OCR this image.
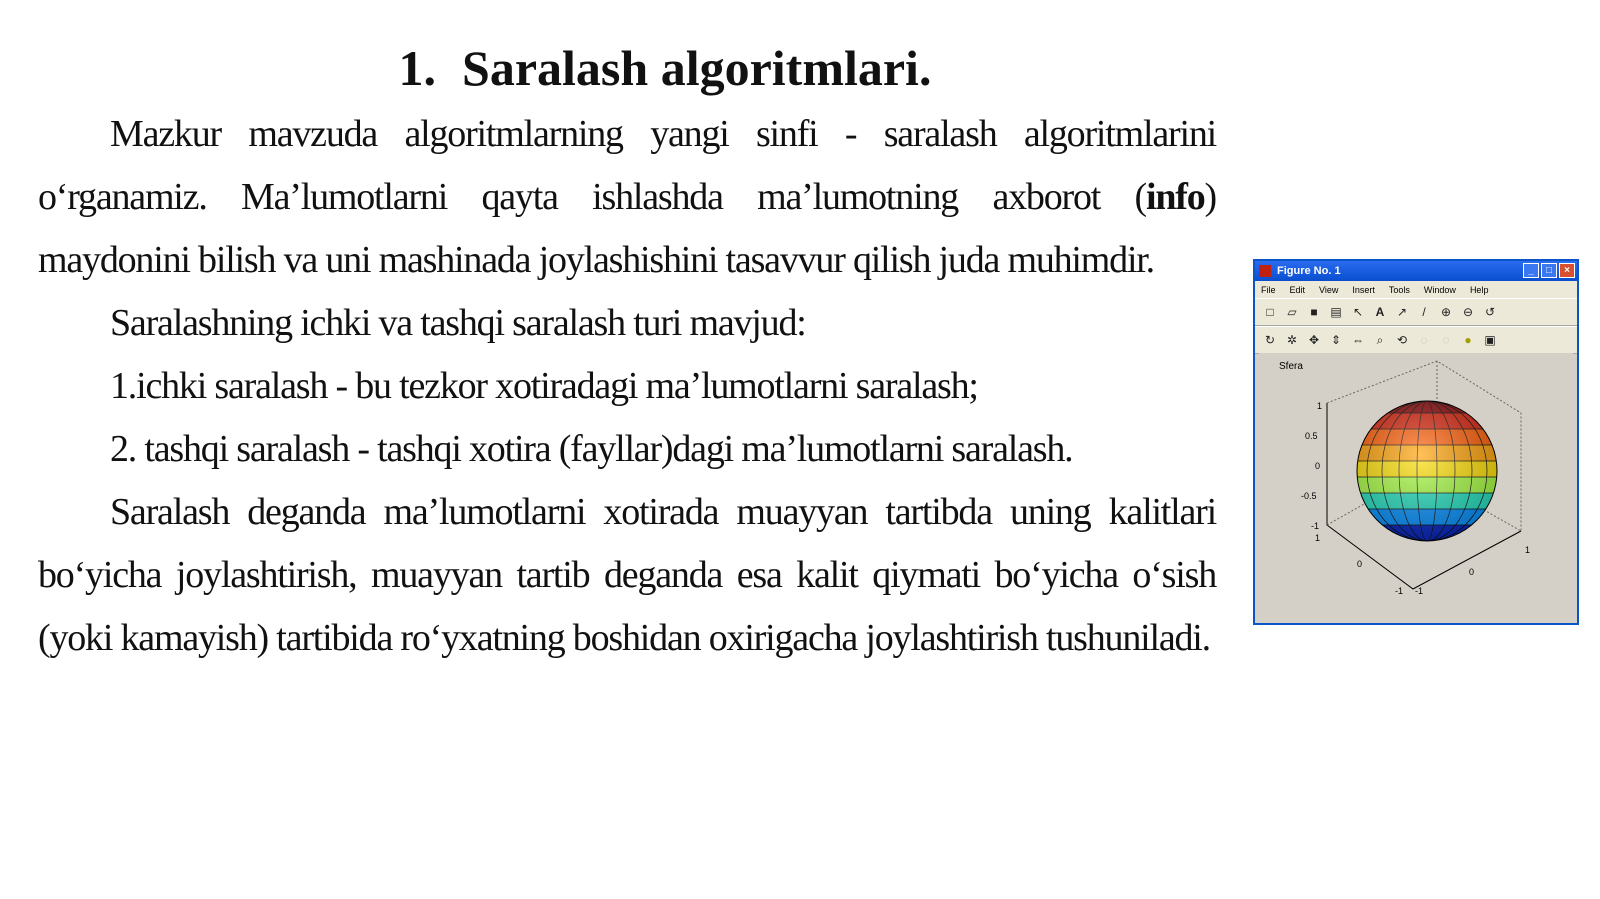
1. Saralash algoritmlari.

Mazkur mavzuda algoritmlarning yangi sinfi - saralash algoritmlarini o‘rganamiz. Ma’lumotlarni qayta ishlashda ma’lumotning axborot (info) maydonini bilish va uni mashinada joylashishini tasavvur qilish juda muhimdir.

Saralashning ichki va tashqi saralash turi mavjud:

1.ichki saralash - bu tezkor xotiradagi ma’lumotlarni saralash;

2. tashqi saralash - tashqi xotira (fayllar)dagi ma’lumotlarni saralash.

Saralash deganda ma’lumotlarni xotirada muayyan tartibda uning kalitlari bo‘yicha joylashtirish, muayyan tartib deganda esa kalit qiymati bo‘yicha o‘sish (yoki kamayish) tartibida ro‘yxatning boshidan oxirigacha joylashtirish tushuniladi.

Figure No. 1	_	□	×
File Edit View Insert Tools Window Help
□ ▱ ■ ▤ ↖ A ↗	/	⊕ ⊖ ↺
↻ ✲ ✥ ⇕ ⇔	⌕	⟲ ◌ ◌ ● ▣
Sfera
1
0.5
0
-0.5
-1
1
0
-1 -1
0
1
